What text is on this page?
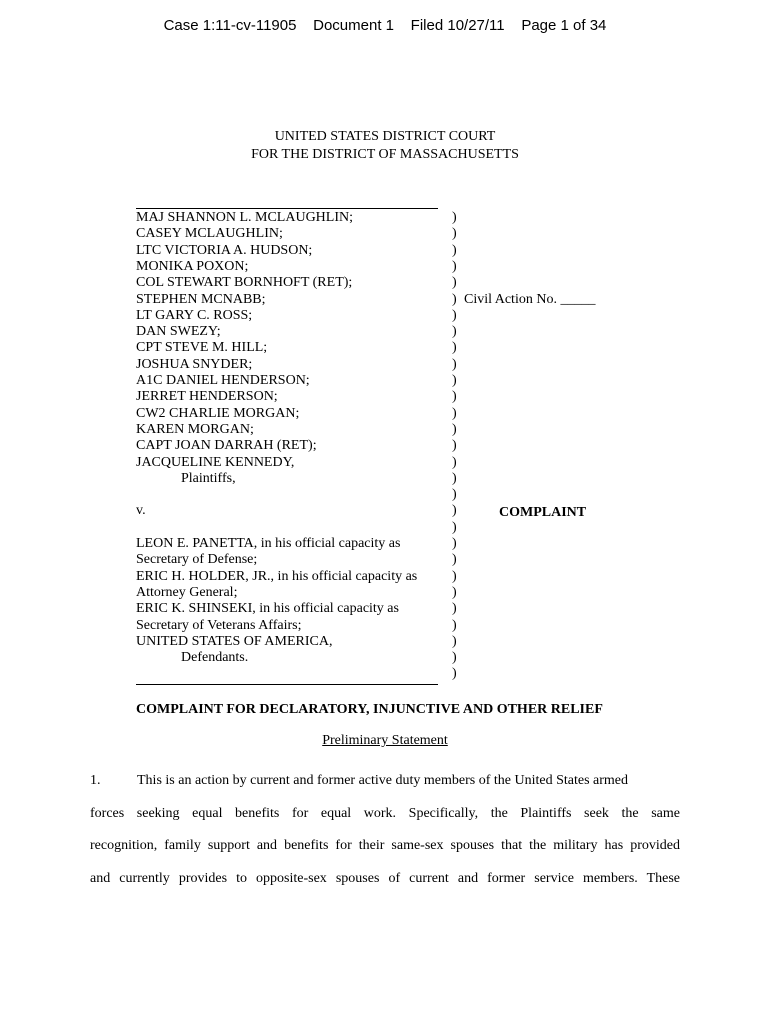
Case 1:11-cv-11905 Document 1 Filed 10/27/11 Page 1 of 34
UNITED STATES DISTRICT COURT
FOR THE DISTRICT OF MASSACHUSETTS
MAJ SHANNON L. MCLAUGHLIN;
CASEY MCLAUGHLIN;
LTC VICTORIA A. HUDSON;
MONIKA POXON;
COL STEWART BORNHOFT (RET);
STEPHEN MCNABB;
LT GARY C. ROSS;
DAN SWEZY;
CPT STEVE M. HILL;
JOSHUA SNYDER;
A1C DANIEL HENDERSON;
JERRET HENDERSON;
CW2 CHARLIE MORGAN;
KAREN MORGAN;
CAPT JOAN DARRAH (RET);
JACQUELINE KENNEDY,
Plaintiffs,
v.
LEON E. PANETTA, in his official capacity as
Secretary of Defense;
ERIC H. HOLDER, JR., in his official capacity as
Attorney General;
ERIC K. SHINSEKI, in his official capacity as
Secretary of Veterans Affairs;
UNITED STATES OF AMERICA,
Defendants.
)
)
)
)
)
)
)
)
)
)
)
)
)
)
)
)
)
)
)
)
)
)
)
)
)
)
)
)
)
Civil Action No. _____
COMPLAINT
COMPLAINT FOR DECLARATORY, INJUNCTIVE AND OTHER RELIEF
Preliminary Statement
1.	This is an action by current and former active duty members of the United States armed
forces seeking equal benefits for equal work. Specifically, the Plaintiffs seek the same
recognition, family support and benefits for their same-sex spouses that the military has provided
and currently provides to opposite-sex spouses of current and former service members. These
